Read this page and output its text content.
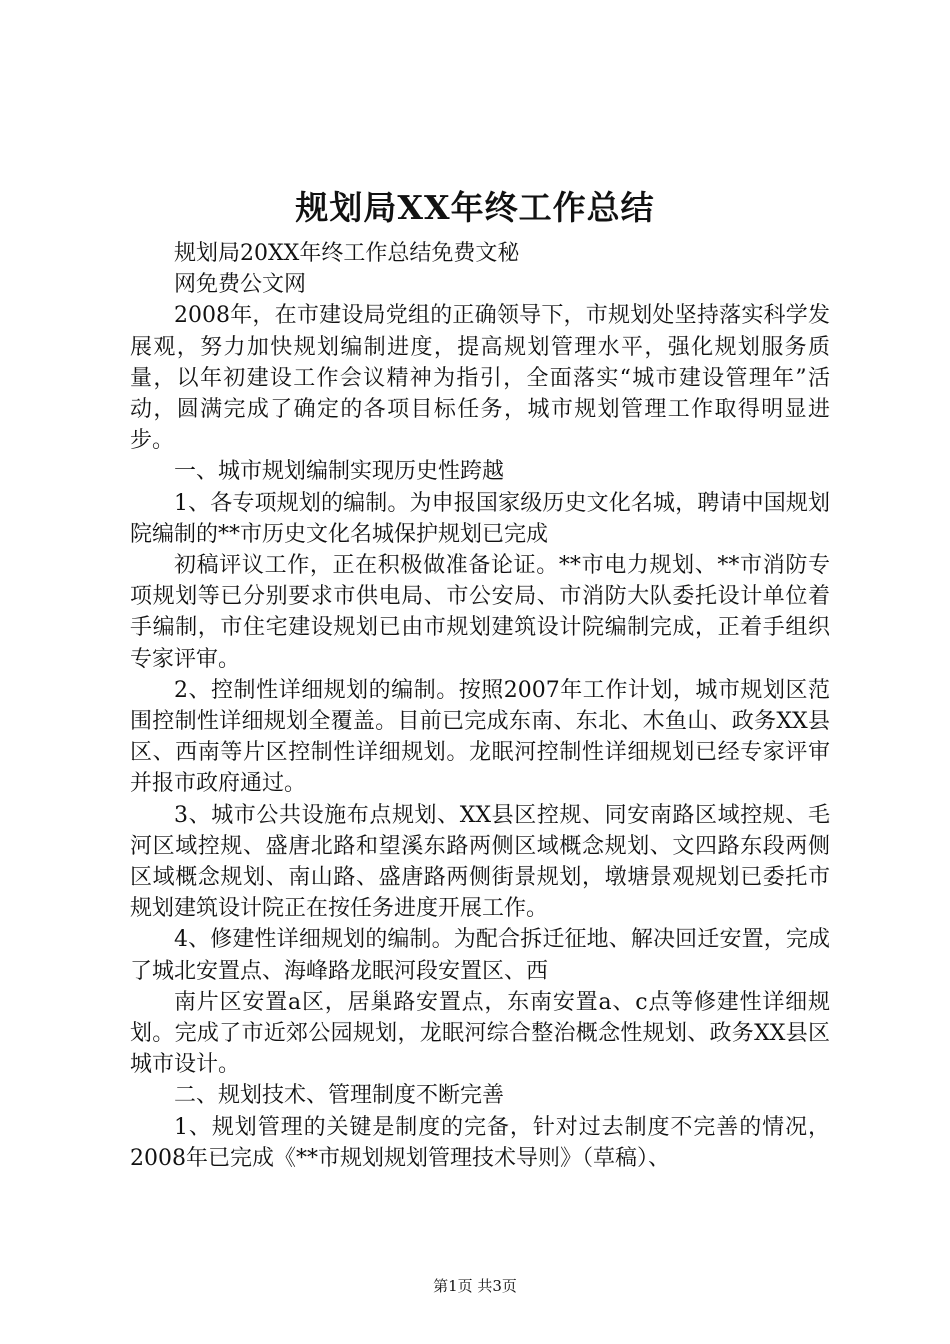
规划局XX年终工作总结

规划局20XX年终工作总结免费文秘

网免费公文网

2008年，在市建设局党组的正确领导下，市规划处坚持落实科学发展观，努力加快规划编制进度，提高规划管理水平，强化规划服务质量，以年初建设工作会议精神为指引，全面落实“城市建设管理年”活动，圆满完成了确定的各项目标任务，城市规划管理工作取得明显进步。

一、城市规划编制实现历史性跨越

1、各专项规划的编制。为申报国家级历史文化名城，聘请中国规划院编制的**市历史文化名城保护规划已完成

初稿评议工作，正在积极做准备论证。**市电力规划、**市消防专项规划等已分别要求市供电局、市公安局、市消防大队委托设计单位着手编制，市住宅建设规划已由市规划建筑设计院编制完成，正着手组织专家评审。

2、控制性详细规划的编制。按照2007年工作计划，城市规划区范围控制性详细规划全覆盖。目前已完成东南、东北、木鱼山、政务XX县区、西南等片区控制性详细规划。龙眠河控制性详细规划已经专家评审并报市政府通过。

3、城市公共设施布点规划、XX县区控规、同安南路区域控规、毛河区域控规、盛唐北路和望溪东路两侧区域概念规划、文四路东段两侧区域概念规划、南山路、盛唐路两侧街景规划，墩塘景观规划已委托市规划建筑设计院正在按任务进度开展工作。

4、修建性详细规划的编制。为配合拆迁征地、解决回迁安置，完成了城北安置点、海峰路龙眠河段安置区、西

南片区安置a区，居巢路安置点，东南安置a、c点等修建性详细规划。完成了市近郊公园规划，龙眠河综合整治概念性规划、政务XX县区城市设计。

二、规划技术、管理制度不断完善

1、规划管理的关键是制度的完备，针对过去制度不完善的情况，2008年已完成《**市规划规划管理技术导则》（草稿）、

第1页 共3页
